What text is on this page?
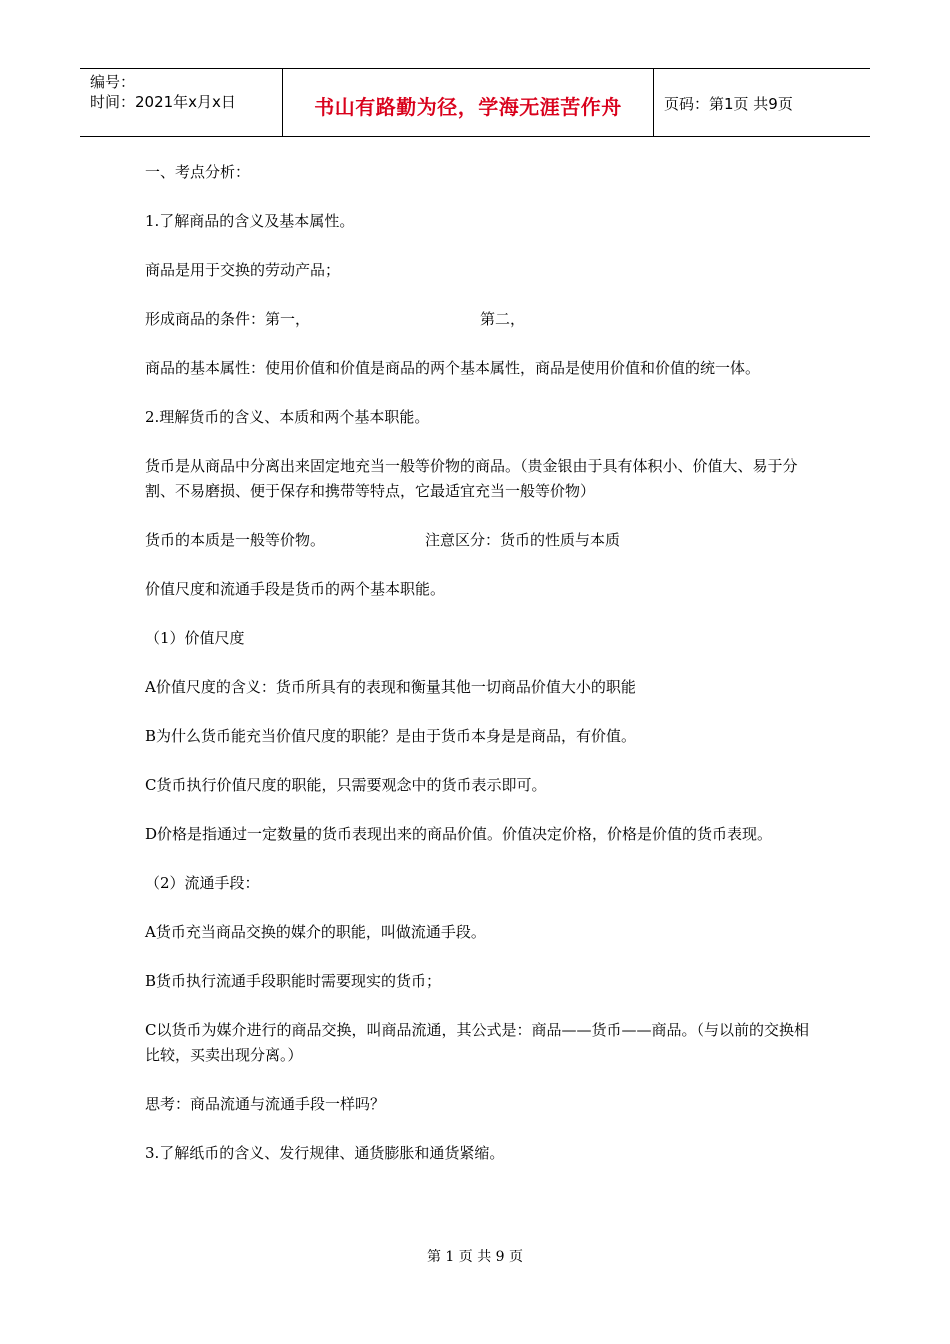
编号：
时间：2021年x月x日	书山有路勤为径，学海无涯苦作舟	页码：第1页 共9页

一、考点分析：

1.了解商品的含义及基本属性。

商品是用于交换的劳动产品；

形成商品的条件：第一，	第二，

商品的基本属性：使用价值和价值是商品的两个基本属性，商品是使用价值和价值的统一体。

2.理解货币的含义、本质和两个基本职能。

货币是从商品中分离出来固定地充当一般等价物的商品。（贵金银由于具有体积小、价值大、易于分割、不易磨损、便于保存和携带等特点，它最适宜充当一般等价物）

货币的本质是一般等价物。	注意区分：货币的性质与本质

价值尺度和流通手段是货币的两个基本职能。

（1）价值尺度

A价值尺度的含义：货币所具有的表现和衡量其他一切商品价值大小的职能

B为什么货币能充当价值尺度的职能？是由于货币本身是是商品，有价值。

C货币执行价值尺度的职能，只需要观念中的货币表示即可。

D价格是指通过一定数量的货币表现出来的商品价值。价值决定价格，价格是价值的货币表现。

（2）流通手段：

A货币充当商品交换的媒介的职能，叫做流通手段。

B货币执行流通手段职能时需要现实的货币；

C以货币为媒介进行的商品交换，叫商品流通，其公式是：商品——货币——商品。（与以前的交换相比较，买卖出现分离。）

思考：商品流通与流通手段一样吗？

3.了解纸币的含义、发行规律、通货膨胀和通货紧缩。

第 1 页 共 9 页
